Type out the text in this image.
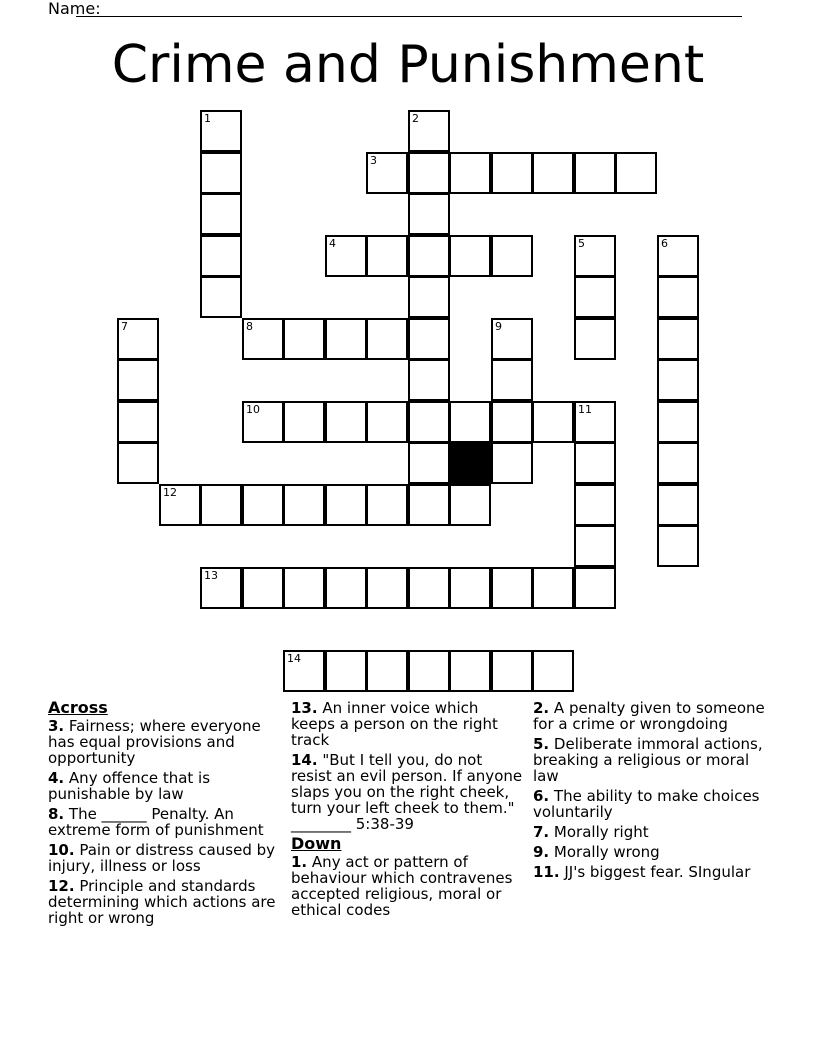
Name:
Crime and Punishment
3
4
8
10	11
12
13
14
1	2
5	6
7	9
Across
3. Fairness; where everyone has equal provisions and opportunity
4. Any offence that is punishable by law
8. The ______ Penalty. An extreme form of punishment
10. Pain or distress caused by injury, illness or loss
12. Principle and standards determining which actions are right or wrong
13. An inner voice which keeps a person on the right track
14. "But I tell you, do not resist an evil person. If anyone slaps you on the right cheek, turn your left cheek to them." ________ 5:38-39
Down
1. Any act or pattern of behaviour which contravenes accepted religious, moral or ethical codes
2. A penalty given to someone for a crime or wrongdoing
5. Deliberate immoral actions, breaking a religious or moral law
6. The ability to make choices voluntarily
7. Morally right
9. Morally wrong
11. JJ's biggest fear. SIngular
